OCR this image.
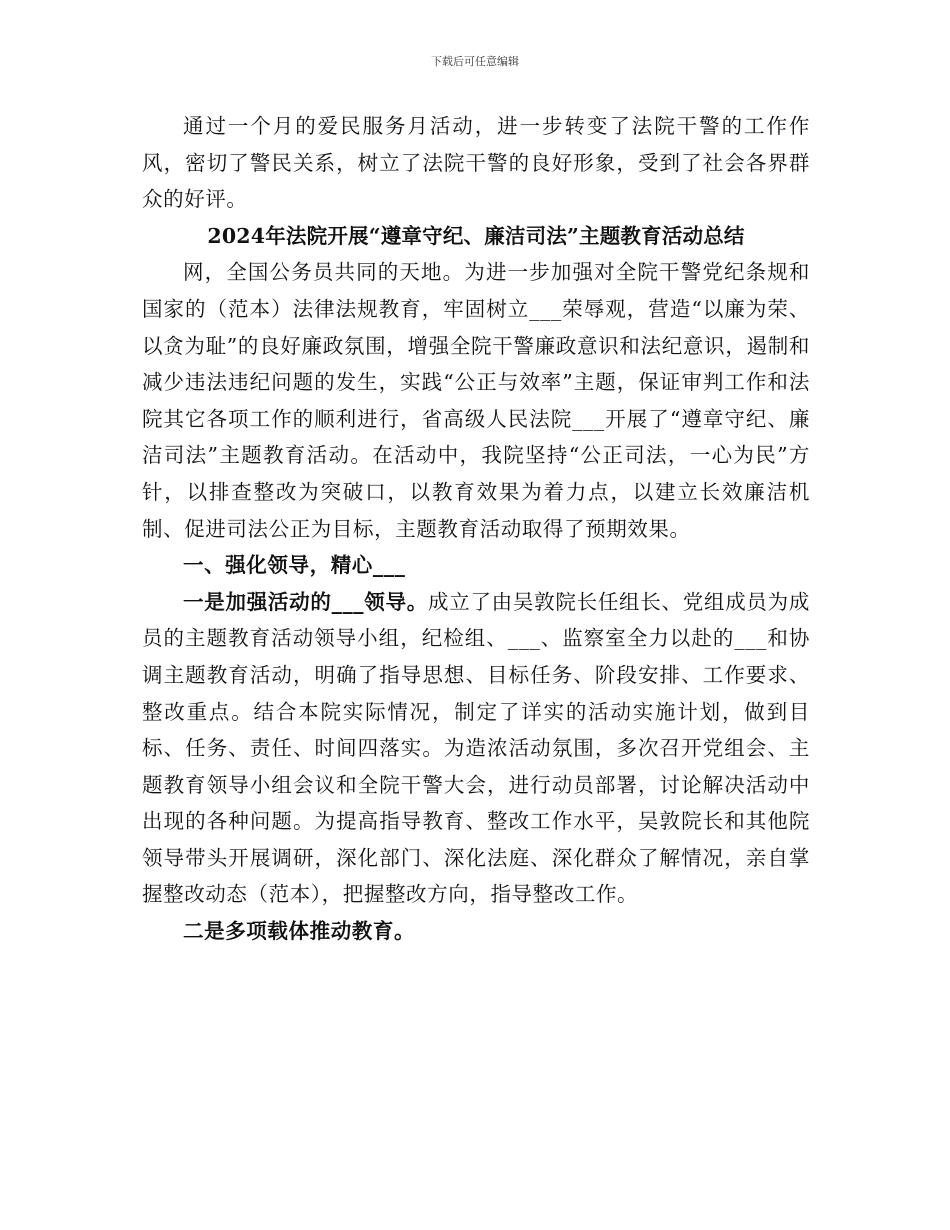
下载后可任意编辑

通过一个月的爱民服务月活动，进一步转变了法院干警的工作作风，密切了警民关系，树立了法院干警的良好形象，受到了社会各界群众的好评。

2024年法院开展“遵章守纪、廉洁司法”主题教育活动总结

网，全国公务员共同的天地。为进一步加强对全院干警党纪条规和国家的（范本）法律法规教育，牢固树立___荣辱观，营造“以廉为荣、以贪为耻”的良好廉政氛围，增强全院干警廉政意识和法纪意识，遏制和减少违法违纪问题的发生，实践“公正与效率”主题，保证审判工作和法院其它各项工作的顺利进行，省高级人民法院___开展了“遵章守纪、廉洁司法”主题教育活动。在活动中，我院坚持“公正司法，一心为民”方针，以排查整改为突破口，以教育效果为着力点，以建立长效廉洁机制、促进司法公正为目标，主题教育活动取得了预期效果。

一、强化领导，精心___

一是加强活动的___领导。成立了由吴敦院长任组长、党组成员为成员的主题教育活动领导小组，纪检组、___、监察室全力以赴的___和协调主题教育活动，明确了指导思想、目标任务、阶段安排、工作要求、整改重点。结合本院实际情况，制定了详实的活动实施计划，做到目标、任务、责任、时间四落实。为造浓活动氛围，多次召开党组会、主题教育领导小组会议和全院干警大会，进行动员部署，讨论解决活动中出现的各种问题。为提高指导教育、整改工作水平，吴敦院长和其他院领导带头开展调研，深化部门、深化法庭、深化群众了解情况，亲自掌握整改动态（范本），把握整改方向，指导整改工作。

二是多项载体推动教育。
